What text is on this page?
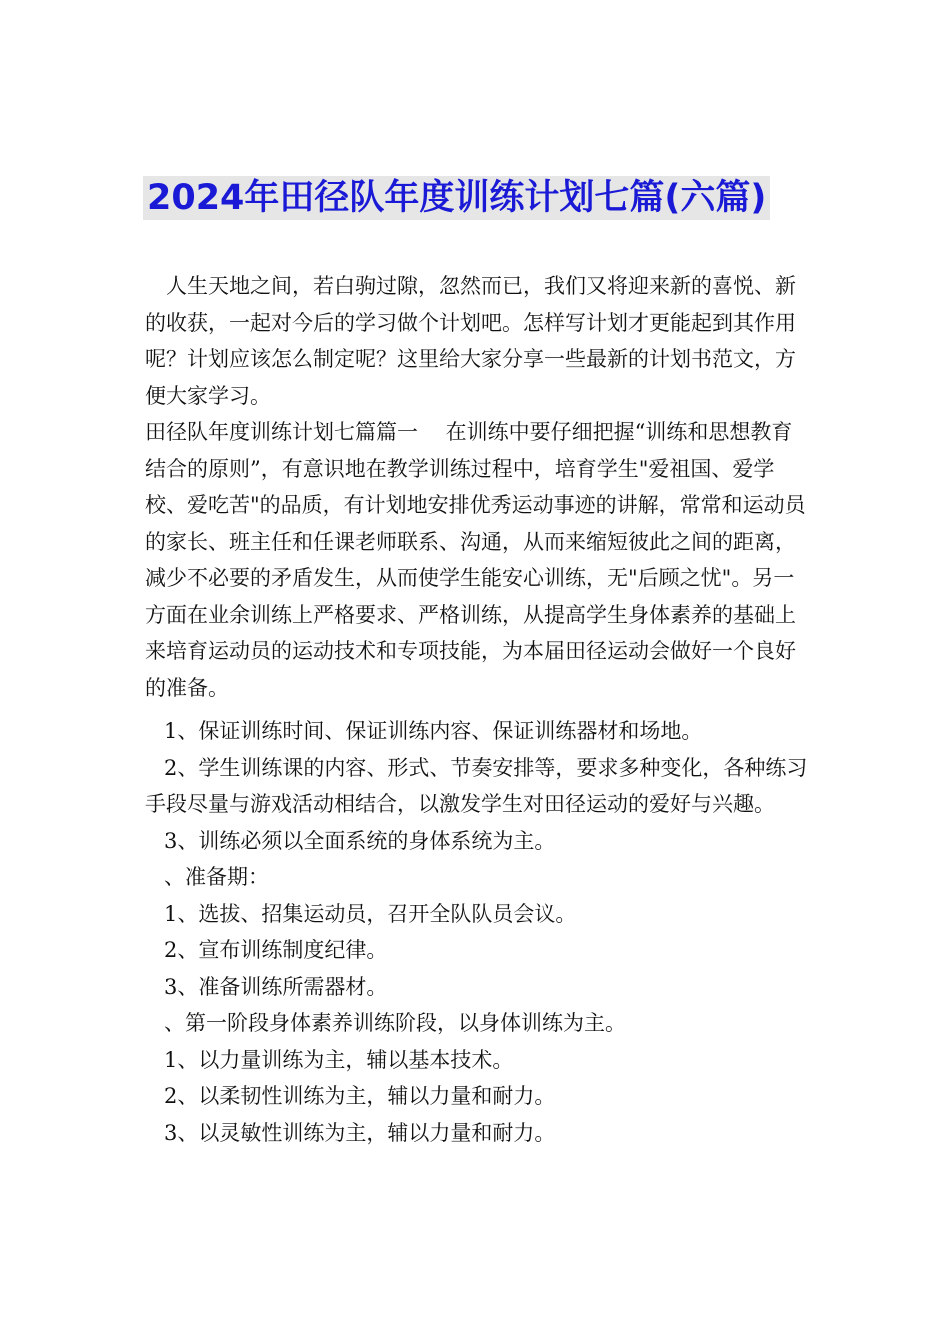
2024年田径队年度训练计划七篇(六篇)

人生天地之间，若白驹过隙，忽然而已，我们又将迎来新的喜悦、新的收获，一起对今后的学习做个计划吧。怎样写计划才更能起到其作用呢？计划应该怎么制定呢？这里给大家分享一些最新的计划书范文，方便大家学习。

田径队年度训练计划七篇篇一　 在训练中要仔细把握“训练和思想教育结合的原则”，有意识地在教学训练过程中，培育学生"爱祖国、爱学校、爱吃苦"的品质，有计划地安排优秀运动事迹的讲解，常常和运动员的家长、班主任和任课老师联系、沟通，从而来缩短彼此之间的距离，减少不必要的矛盾发生，从而使学生能安心训练，无"后顾之忧"。另一方面在业余训练上严格要求、严格训练，从提高学生身体素养的基础上来培育运动员的运动技术和专项技能，为本届田径运动会做好一个良好的准备。

1、保证训练时间、保证训练内容、保证训练器材和场地。

2、学生训练课的内容、形式、节奏安排等，要求多种变化，各种练习手段尽量与游戏活动相结合，以激发学生对田径运动的爱好与兴趣。

3、训练必须以全面系统的身体系统为主。

、准备期：

1、选拔、招集运动员，召开全队队员会议。

2、宣布训练制度纪律。

3、准备训练所需器材。

、第一阶段身体素养训练阶段，以身体训练为主。

1、以力量训练为主，辅以基本技术。

2、以柔韧性训练为主，辅以力量和耐力。

3、以灵敏性训练为主，辅以力量和耐力。
